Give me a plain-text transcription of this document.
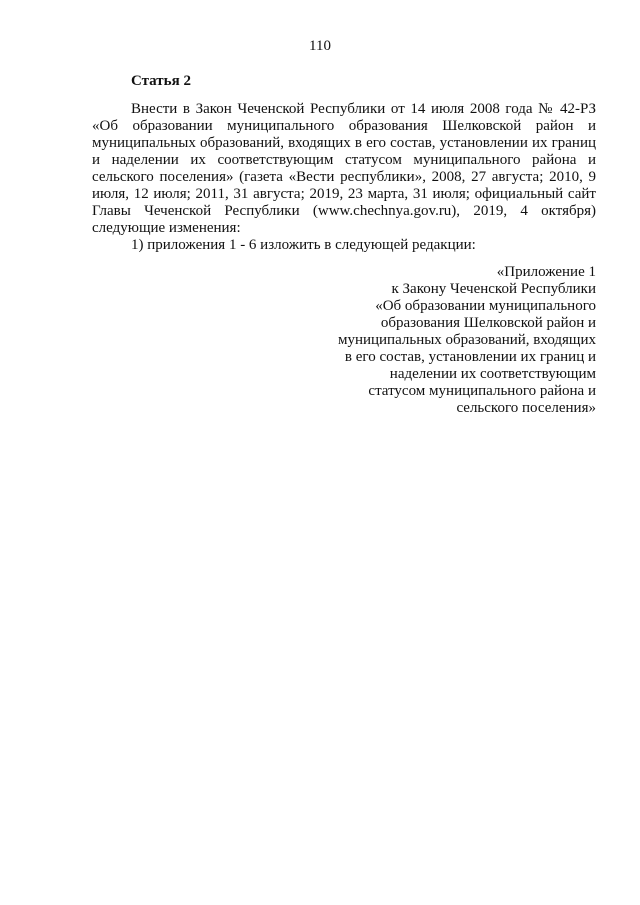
110
Статья 2

Внести в Закон Чеченской Республики от 14 июля 2008 года № 42-РЗ «Об образовании муниципального образования Шелковской район и муниципальных образований, входящих в его состав, установлении их границ и наделении их соответствующим статусом муниципального района и сельского поселения» (газета «Вести республики», 2008, 27 августа; 2010, 9 июля, 12 июля; 2011, 31 августа; 2019, 23 марта, 31 июля; официальный сайт Главы Чеченской Республики (www.chechnya.gov.ru), 2019, 4 октября) следующие изменения:

1) приложения 1 - 6 изложить в следующей редакции:

«Приложение 1
к Закону Чеченской Республики
«Об образовании муниципального
образования Шелковской район и
муниципальных образований, входящих
в его состав, установлении их границ и
наделении их соответствующим
статусом муниципального района и
сельского поселения»
